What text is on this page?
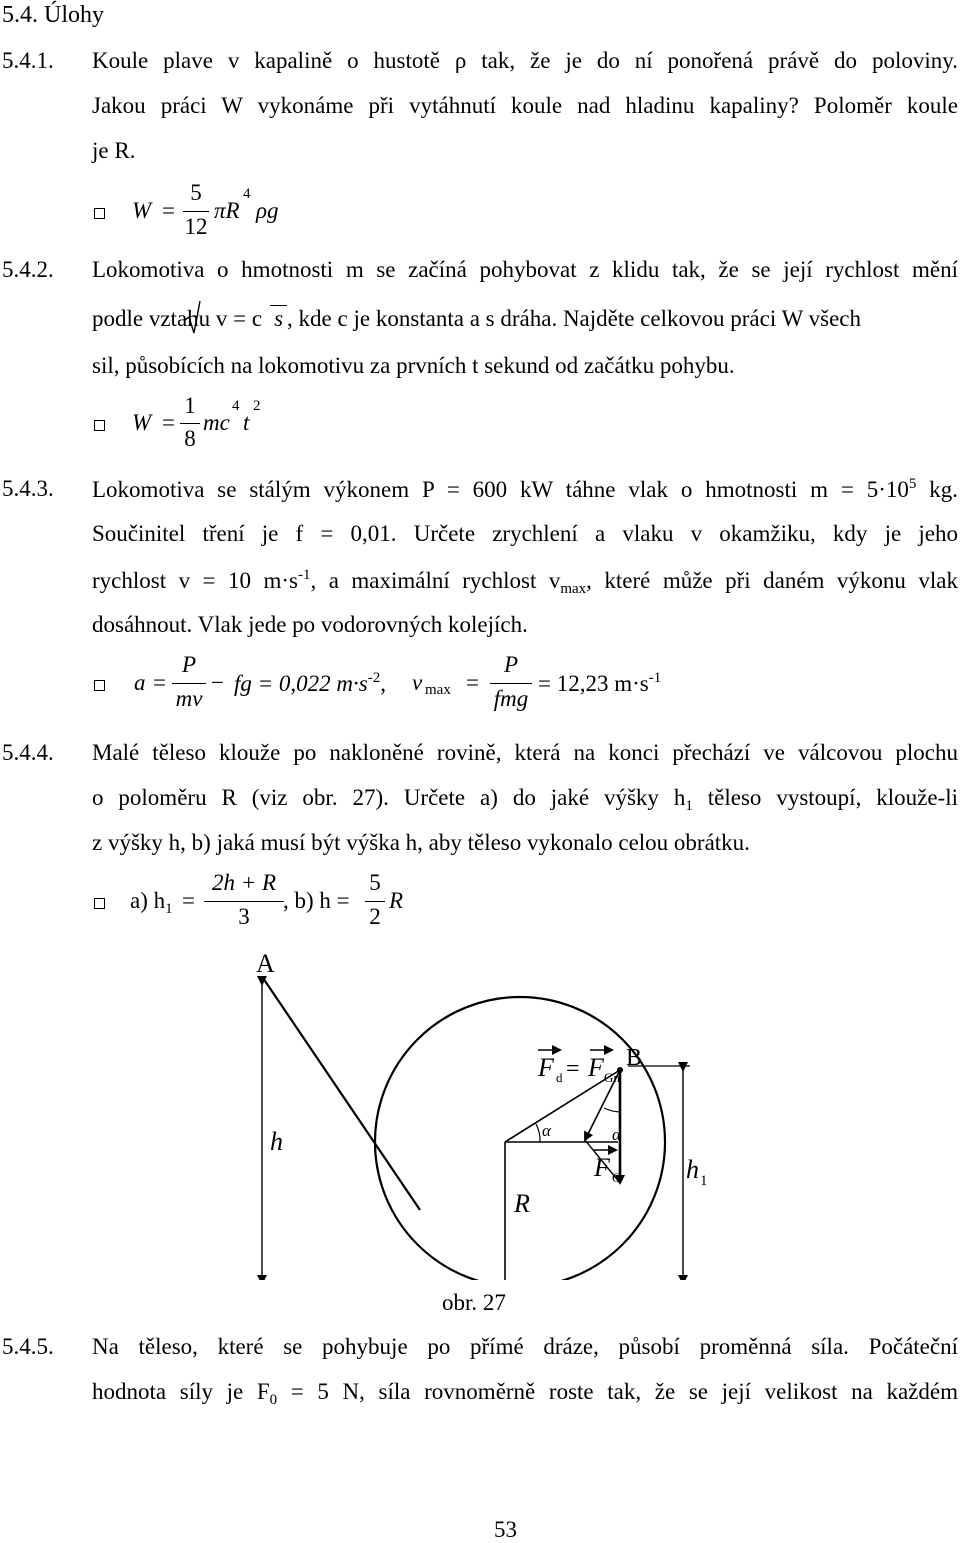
5.4. Úlohy
5.4.1. Koule plave v kapalině o hustotě ρ tak, že je do ní ponořená právě do poloviny.
Jakou práci W vykonáme při vytáhnutí koule nad hladinu kapaliny? Poloměr koule
je R.
W =
5
12
πR
4
ρg
5.4.2. Lokomotiva o hmotnosti m se začíná pohybovat z klidu tak, že se její rychlost mění
podle vztahu v = c s , kde c je konstanta a s dráha. Najděte celkovou práci W všech
sil, působících na lokomotivu za prvních t sekund od začátku pohybu.
W =
1
8
mc
4
t
2
5.4.3. Lokomotiva se stálým výkonem P = 600 kW táhne vlak o hmotnosti $m = 5\cdot 10^5$ kg.
Součinitel tření je f = 0,01. Určete zrychlení a vlaku v okamžiku, kdy je jeho
rychlost v = 10 $m\cdot s^{-1}$, a maximální rychlost $v_{max}$, které může při daném výkonu vlak
dosáhnout. Vlak jede po vodorovných kolejích.
a =
P
mv
− fg = 0,022 $m\cdot s^{-2}$, v max =
P
fmg
= 12,23 $m\cdot s^{-1}$
5.4.4. Malé těleso klouže po nakloněné rovině, která na konci přechází ve válcovou plochu
o poloměru R (viz obr. 27). Určete a) do jaké výšky $h_1$ těleso vystoupí, klouže-li
z výšky h, b) jaká musí být výška h, aby těleso vykonalo celou obrátku.
a) $h_1$ =
2h + R
3
, b) h =
5
2
R
A
B
h
R
h 1
α	α
F d = F Gn
F G
obr. 27
5.4.5. Na těleso, které se pohybuje po přímé dráze, působí proměnná síla. Počáteční
hodnota síly je $F_0 = 5$ N, síla rovnoměrně roste tak, že se její velikost na každém
53
